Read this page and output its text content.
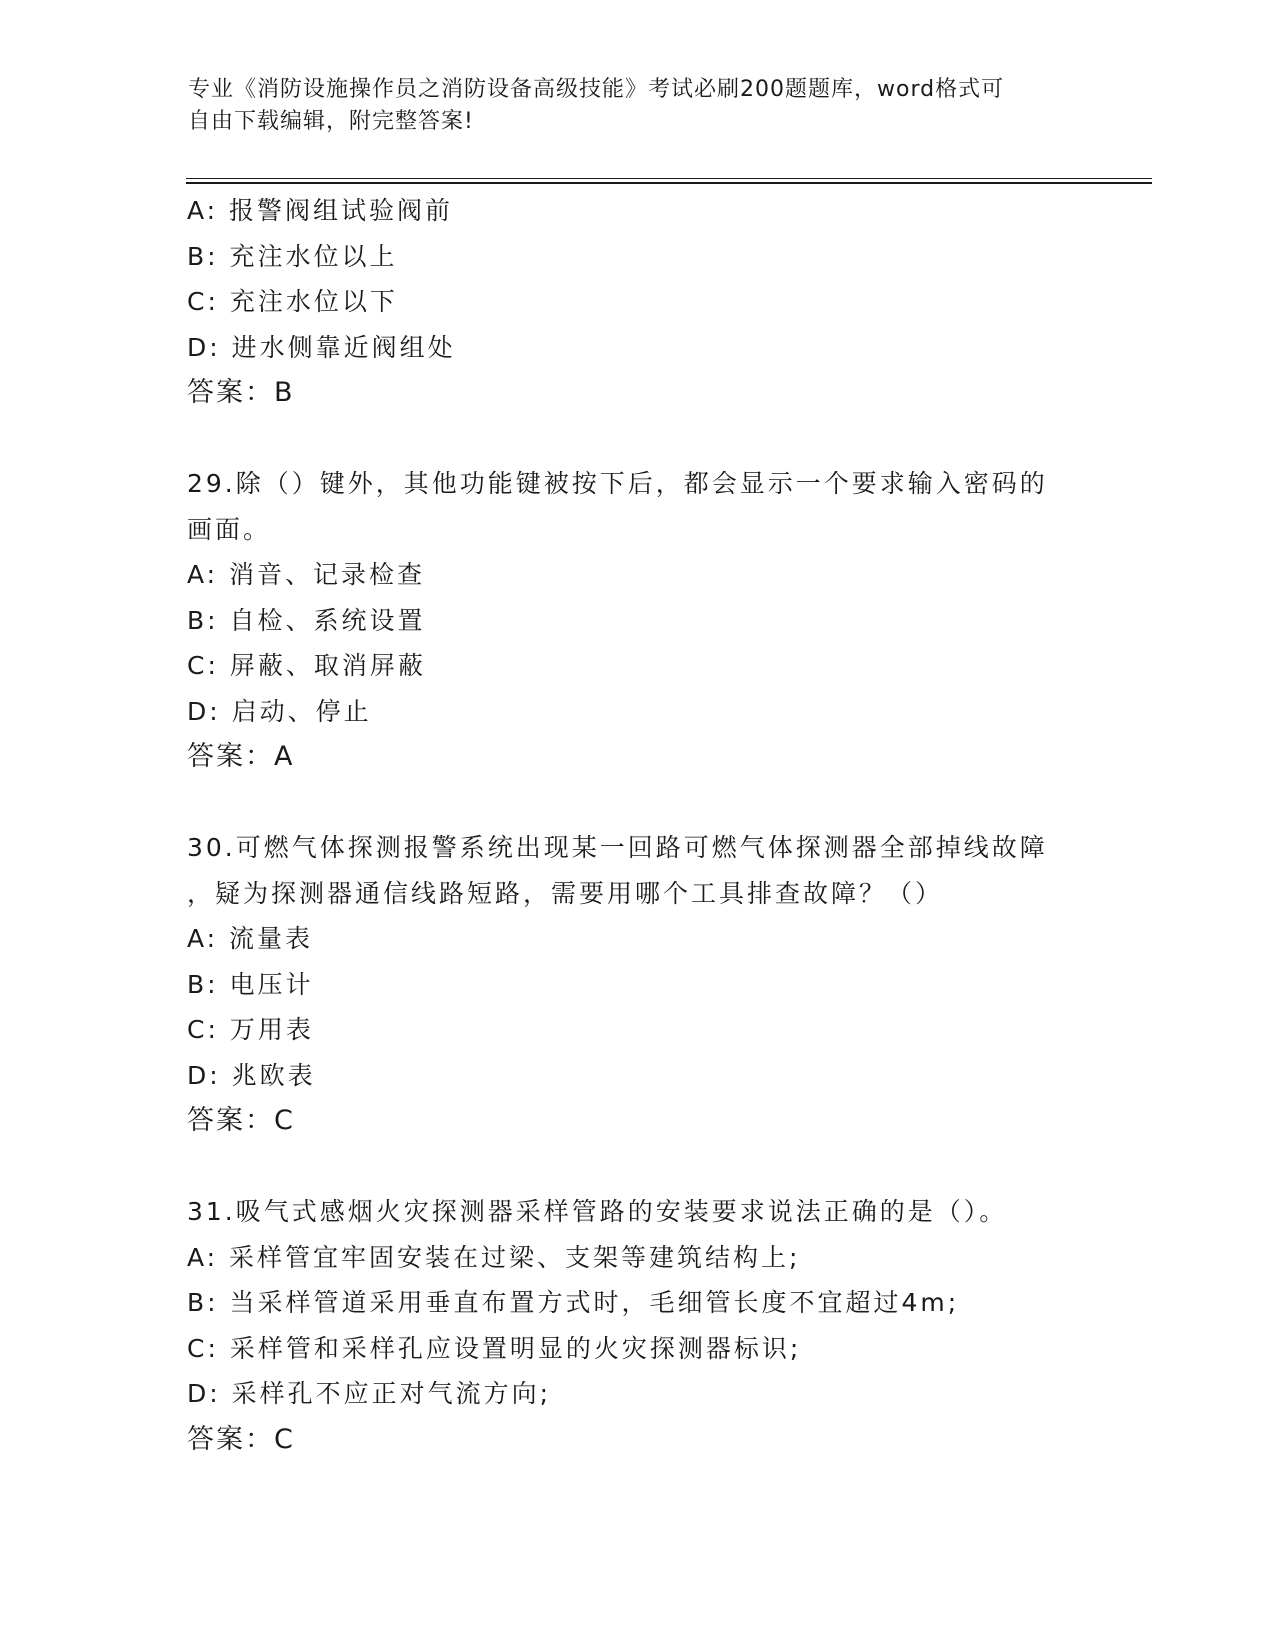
专业《消防设施操作员之消防设备高级技能》考试必刷200题题库，word格式可
自由下载编辑，附完整答案!
A: 报警阀组试验阀前
B: 充注水位以上
C: 充注水位以下
D: 进水侧靠近阀组处
答案：B
29.除（）键外，其他功能键被按下后，都会显示一个要求输入密码的
画面。
A: 消音、记录检查
B: 自检、系统设置
C: 屏蔽、取消屏蔽
D: 启动、停止
答案：A
30.可燃气体探测报警系统出现某一回路可燃气体探测器全部掉线故障
，疑为探测器通信线路短路，需要用哪个工具排查故障？（）
A: 流量表
B: 电压计
C: 万用表
D: 兆欧表
答案：C
31.吸气式感烟火灾探测器采样管路的安装要求说法正确的是（）。
A: 采样管宜牢固安装在过梁、支架等建筑结构上;
B: 当采样管道采用垂直布置方式时，毛细管长度不宜超过4m;
C: 采样管和采样孔应设置明显的火灾探测器标识;
D: 采样孔不应正对气流方向;
答案：C
